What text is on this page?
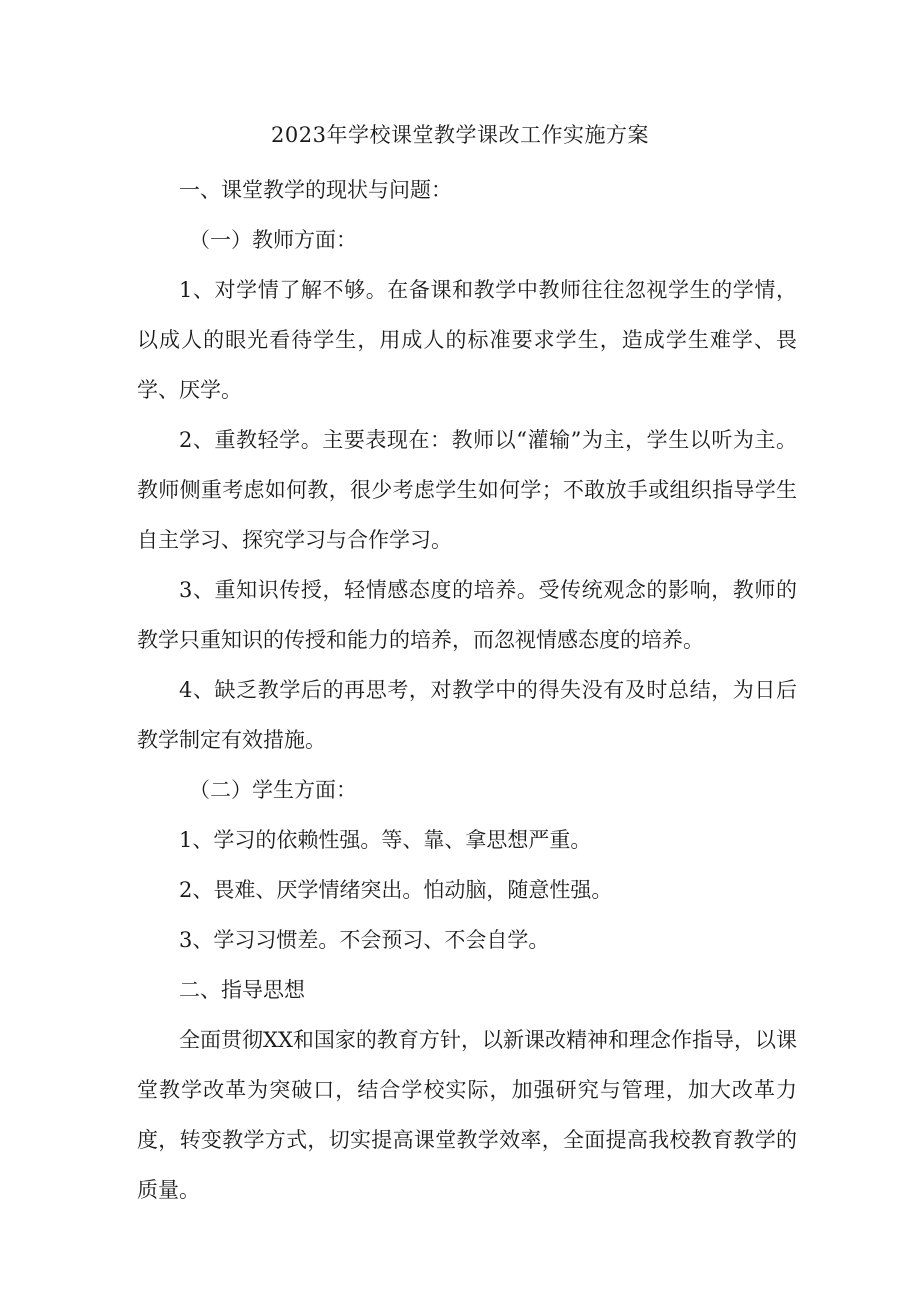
2023年学校课堂教学课改工作实施方案

一、课堂教学的现状与问题：

（一）教师方面：

1、对学情了解不够。在备课和教学中教师往往忽视学生的学情，以成人的眼光看待学生，用成人的标准要求学生，造成学生难学、畏学、厌学。

2、重教轻学。主要表现在：教师以“灌输”为主，学生以听为主。教师侧重考虑如何教，很少考虑学生如何学；不敢放手或组织指导学生自主学习、探究学习与合作学习。

3、重知识传授，轻情感态度的培养。受传统观念的影响，教师的教学只重知识的传授和能力的培养，而忽视情感态度的培养。

4、缺乏教学后的再思考，对教学中的得失没有及时总结，为日后教学制定有效措施。

（二）学生方面：

1、学习的依赖性强。等、靠、拿思想严重。

2、畏难、厌学情绪突出。怕动脑，随意性强。

3、学习习惯差。不会预习、不会自学。

二、指导思想

全面贯彻XX和国家的教育方针，以新课改精神和理念作指导，以课堂教学改革为突破口，结合学校实际，加强研究与管理，加大改革力度，转变教学方式，切实提高课堂教学效率，全面提高我校教育教学的质量。
